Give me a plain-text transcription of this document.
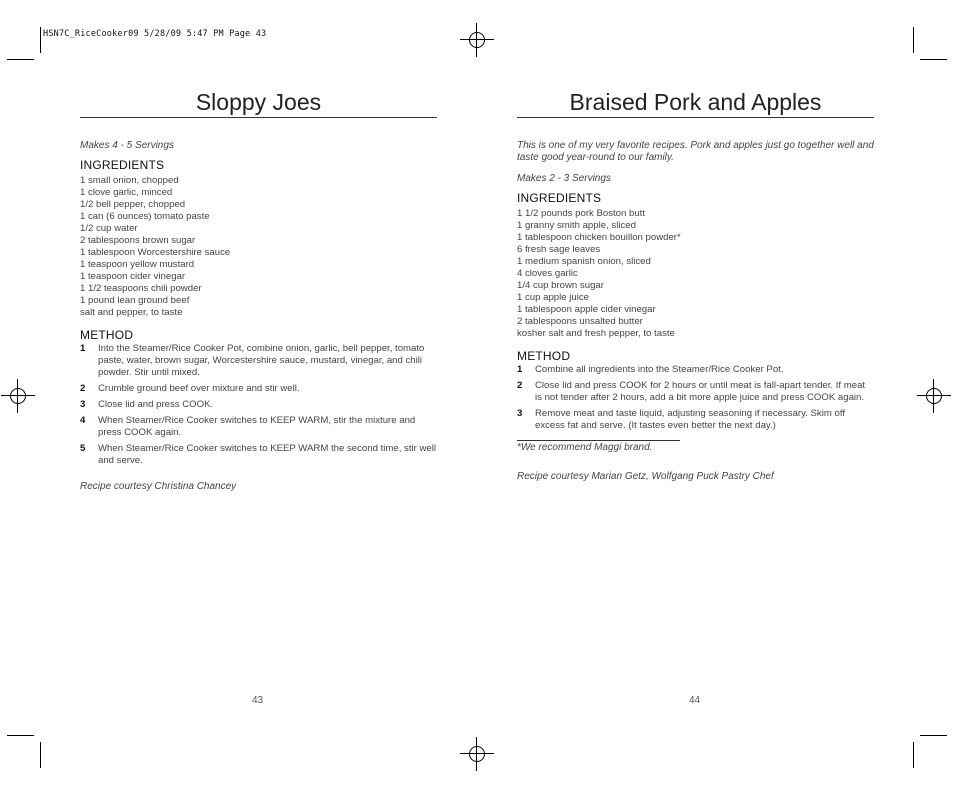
HSN7C_RiceCooker09 5/28/09 5:47 PM Page 43
Sloppy Joes
Makes 4 - 5 Servings
INGREDIENTS
1 small onion, chopped
1 clove garlic, minced
1/2 bell pepper, chopped
1 can (6 ounces) tomato paste
1/2 cup water
2 tablespoons brown sugar
1 tablespoon Worcestershire sauce
1 teaspoon yellow mustard
1 teaspoon cider vinegar
1 1/2 teaspoons chili powder
1 pound lean ground beef
salt and pepper, to taste
METHOD
1	Into the Steamer/Rice Cooker Pot, combine onion, garlic, bell pepper, tomato paste, water, brown sugar, Worcestershire sauce, mustard, vinegar, and chili powder. Stir until mixed.
2	Crumble ground beef over mixture and stir well.
3	Close lid and press COOK.
4	When Steamer/Rice Cooker switches to KEEP WARM, stir the mixture and press COOK again.
5	When Steamer/Rice Cooker switches to KEEP WARM the second time, stir well and serve.
Recipe courtesy Christina Chancey
43
Braised Pork and Apples
This is one of my very favorite recipes. Pork and apples just go together well and taste good year-round to our family.
Makes 2 - 3 Servings
INGREDIENTS
1 1/2 pounds pork Boston butt
1 granny smith apple, sliced
1 tablespoon chicken bouillon powder*
6 fresh sage leaves
1 medium spanish onion, sliced
4 cloves garlic
1/4 cup brown sugar
1 cup apple juice
1 tablespoon apple cider vinegar
2 tablespoons unsalted butter
kosher salt and fresh pepper, to taste
METHOD
1	Combine all ingredients into the Steamer/Rice Cooker Pot.
2	Close lid and press COOK for 2 hours or until meat is fall-apart tender. If meat is not tender after 2 hours, add a bit more apple juice and press COOK again.
3	Remove meat and taste liquid, adjusting seasoning if necessary. Skim off excess fat and serve. (It tastes even better the next day.)
*We recommend Maggi brand.
Recipe courtesy Marian Getz, Wolfgang Puck Pastry Chef
44
